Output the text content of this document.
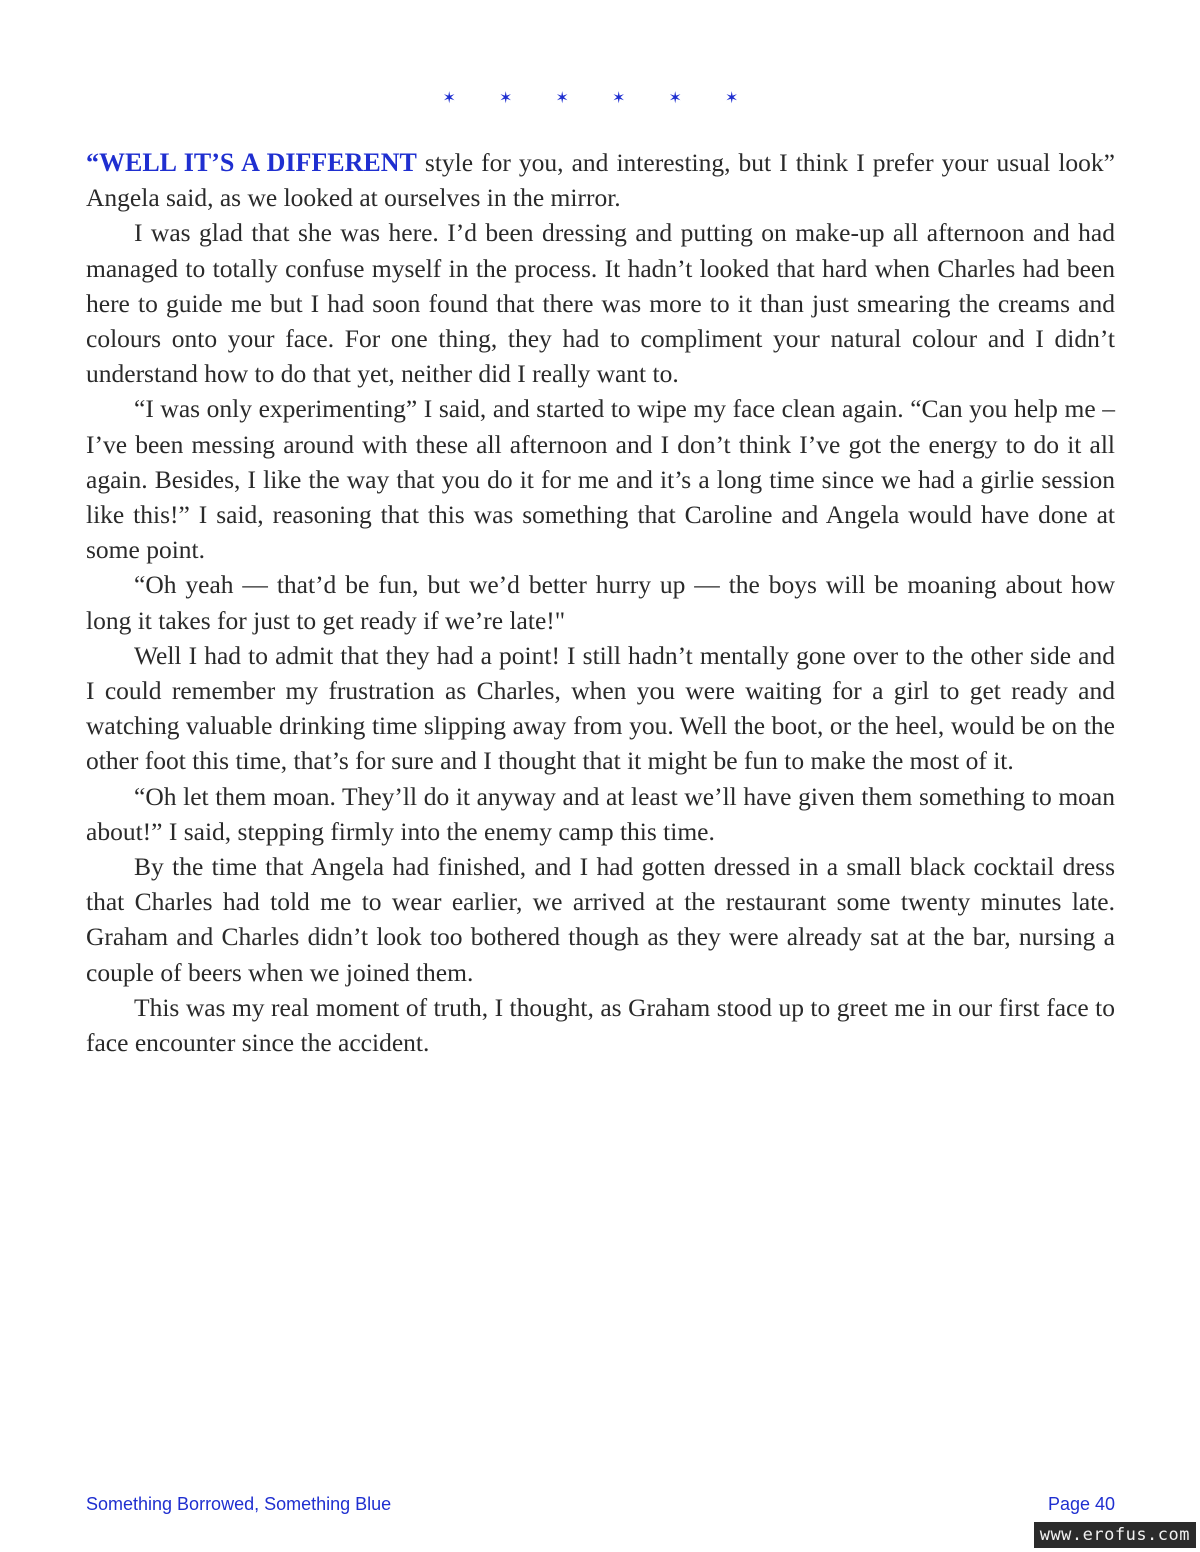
✶ ✶ ✶ ✶ ✶ ✶

“WELL IT’S A DIFFERENT style for you, and interesting, but I think I prefer your usual look” Angela said, as we looked at ourselves in the mirror.

I was glad that she was here. I’d been dressing and putting on make-up all afternoon and had managed to totally confuse myself in the process. It hadn’t looked that hard when Charles had been here to guide me but I had soon found that there was more to it than just smearing the creams and colours onto your face. For one thing, they had to compliment your natural colour and I didn’t understand how to do that yet, neither did I really want to.

“I was only experimenting” I said, and started to wipe my face clean again. “Can you help me – I’ve been messing around with these all afternoon and I don’t think I’ve got the energy to do it all again. Besides, I like the way that you do it for me and it’s a long time since we had a girlie session like this!” I said, reasoning that this was something that Caroline and Angela would have done at some point.

“Oh yeah — that’d be fun, but we’d better hurry up — the boys will be moaning about how long it takes for just to get ready if we’re late!"

Well I had to admit that they had a point! I still hadn’t mentally gone over to the other side and I could remember my frustration as Charles, when you were waiting for a girl to get ready and watching valuable drinking time slipping away from you. Well the boot, or the heel, would be on the other foot this time, that’s for sure and I thought that it might be fun to make the most of it.

“Oh let them moan. They’ll do it anyway and at least we’ll have given them something to moan about!” I said, stepping firmly into the enemy camp this time.

By the time that Angela had finished, and I had gotten dressed in a small black cocktail dress that Charles had told me to wear earlier, we arrived at the restaurant some twenty minutes late. Graham and Charles didn’t look too bothered though as they were already sat at the bar, nursing a couple of beers when we joined them.

This was my real moment of truth, I thought, as Graham stood up to greet me in our first face to face encounter since the accident.

Something Borrowed, Something Blue	Page 40
www.erofus.com
